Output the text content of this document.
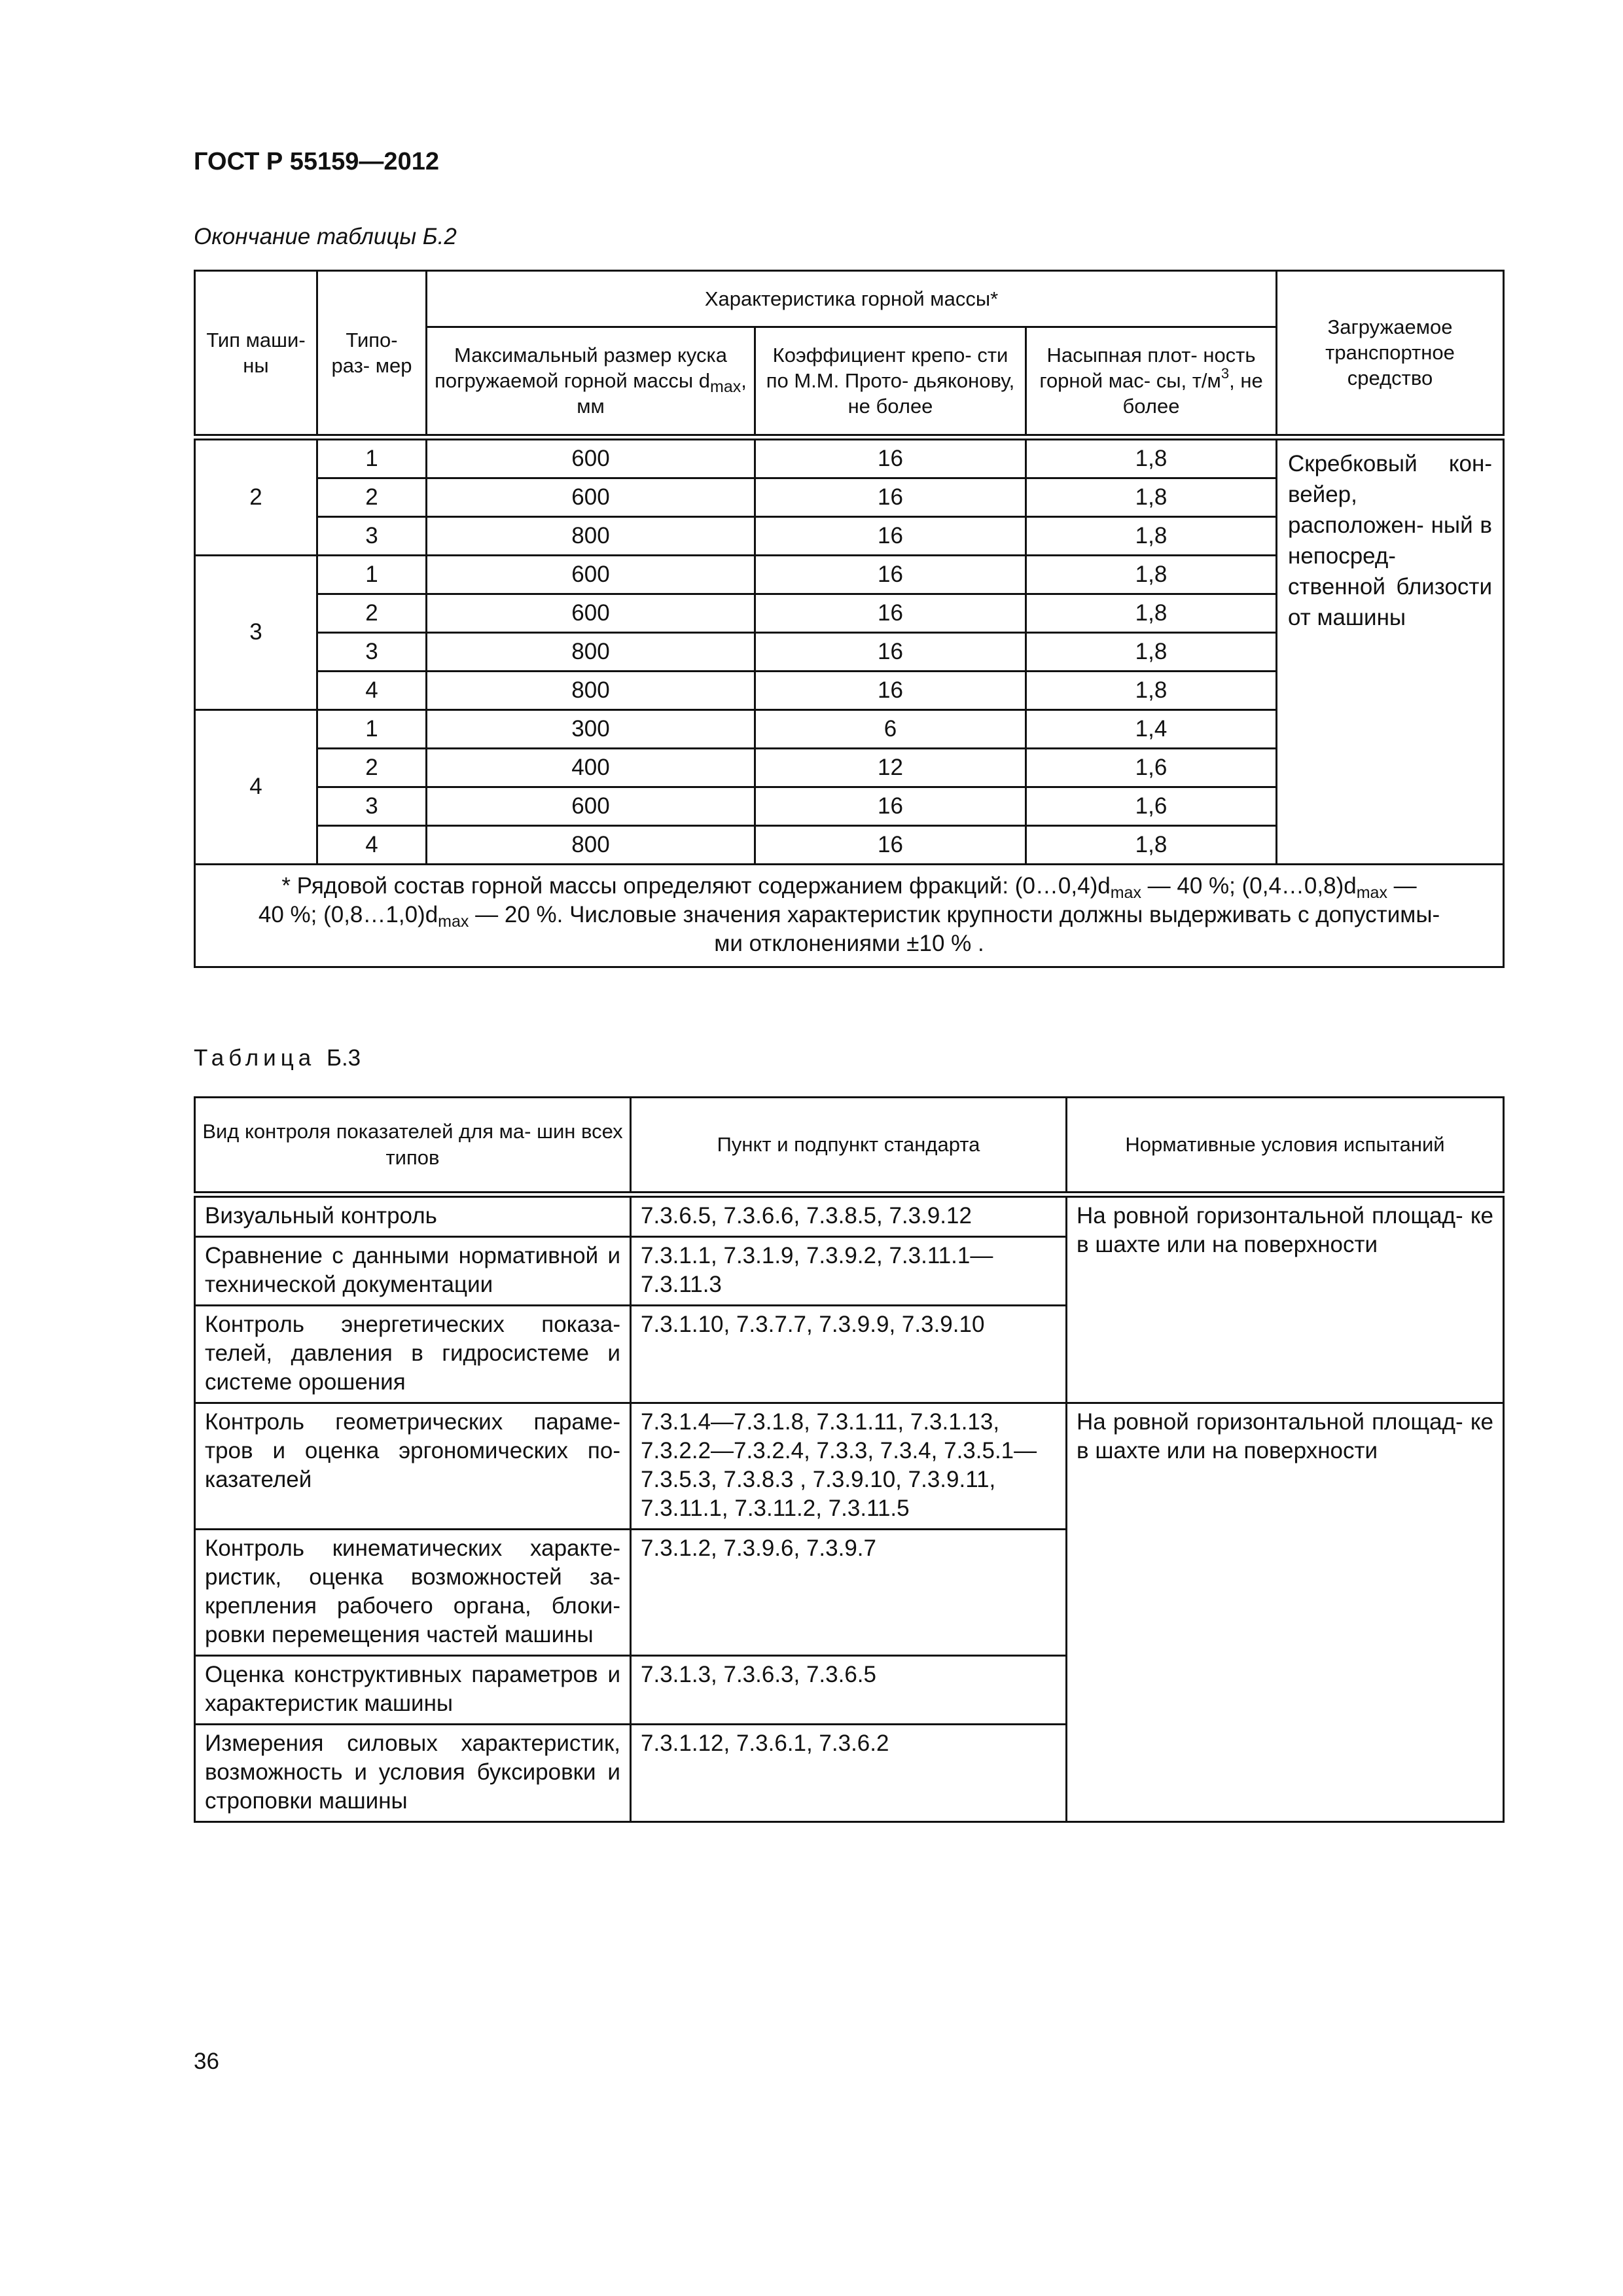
ГОСТ Р 55159—2012
Окончание таблицы Б.2
Тип маши- ны	Типо- раз- мер	Характеристика горной массы*			Загружаемое транспортное средство
		Максимальный размер куска погружаемой горной массы $d_{max}$, мм	Коэффициент крепо- сти по М.М. Прото- дьяконову, не более	Насыпная плот- ность горной мас- сы, $т/м^3$, не более	
2	1	600	16	1,8	Скребковый кон- вейер, расположен- ный в непосред- ственной близости от машины
	2	600	16	1,8	
	3	800	16	1,8	
3	1	600	16	1,8	
	2	600	16	1,8	
	3	800	16	1,8	
	4	800	16	1,8	
4	1	300	6	1,4	
	2	400	12	1,6	
	3	600	16	1,6	
	4	800	16	1,8	

* Рядовой состав горной массы определяют содержанием фракций: $(0\dots 0,4)d_{max}$ — 40 %; $(0,4\dots 0,8)d_{max}$ —
40 %; $(0,8\dots 1,0)d_{max}$ — 20 %. Числовые значения характеристик крупности должны выдерживать с допустимы-
ми отклонениями ±10 % .					
Таблица Б.3
Вид контроля показателей для ма- шин всех типов	Пункт и подпункт стандарта	Нормативные условия испытаний
Визуальный контроль	7.3.6.5, 7.3.6.6, 7.3.8.5, 7.3.9.12	На ровной горизонтальной площад- ке в шахте или на поверхности
Сравнение с данными нормативной и технической документации	7.3.1.1, 7.3.1.9, 7.3.9.2, 7.3.11.1—7.3.11.3	
Контроль энергетических показа- телей, давления в гидросистеме и системе орошения	7.3.1.10, 7.3.7.7, 7.3.9.9, 7.3.9.10	
Контроль геометрических параме- тров и оценка эргономических по- казателей	7.3.1.4—7.3.1.8, 7.3.1.11, 7.3.1.13, 7.3.2.2—7.3.2.4, 7.3.3, 7.3.4, 7.3.5.1—7.3.5.3, 7.3.8.3 , 7.3.9.10, 7.3.9.11, 7.3.11.1, 7.3.11.2, 7.3.11.5	На ровной горизонтальной площад- ке в шахте или на поверхности
Контроль кинематических характе- ристик, оценка возможностей за- крепления рабочего органа, блоки- ровки перемещения частей машины	7.3.1.2, 7.3.9.6, 7.3.9.7	
Оценка конструктивных параметров и характеристик машины	7.3.1.3, 7.3.6.3, 7.3.6.5	
Измерения силовых характеристик, возможность и условия буксировки и строповки машины	7.3.1.12, 7.3.6.1, 7.3.6.2	
36
